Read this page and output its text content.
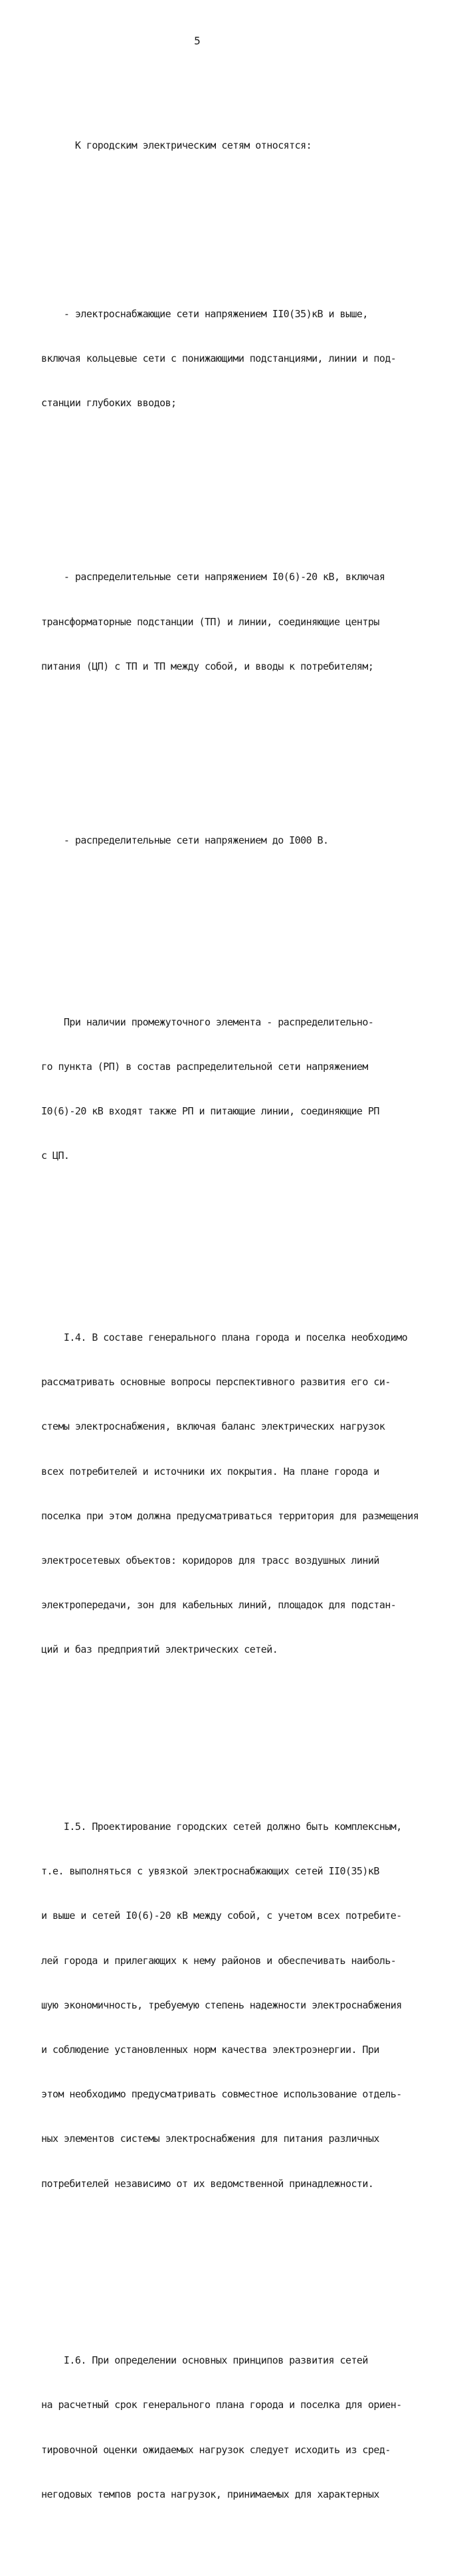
5

К городским электрическим сетям относятся:

- электроснабжающие сети напряжением II0(35)кВ и выше,

включая кольцевые сети с понижающими подстанциями, линии и под-

станции глубоких вводов;

- распределительные сети напряжением I0(6)-20 кВ, включая

трансформаторные подстанции (ТП) и линии, соединяющие центры

питания (ЦП) с ТП и ТП между собой, и вводы к потребителям;

- распределительные сети напряжением до I000 В.

При наличии промежуточного элемента - распределительно-

го пункта (РП) в состав распределительной сети напряжением

I0(6)-20 кВ входят также РП и питающие линии, соединяющие РП

с ЦП.

I.4. В составе генерального плана города и поселка необходимо

рассматривать основные вопросы перспективного развития его си-

стемы электроснабжения, включая баланс электрических нагрузок

всех потребителей и источники их покрытия. На плане города и

поселка при этом должна предусматриваться территория для размещения

электросетевых объектов: коридоров для трасс воздушных линий

электропередачи, зон для кабельных линий, площадок для подстан-

ций и баз предприятий электрических сетей.

I.5. Проектирование городских сетей должно быть комплексным,

т.е. выполняться с увязкой электроснабжающих сетей II0(35)кВ

и выше и сетей I0(6)-20 кВ между собой, с учетом всех потребите-

лей города и прилегающих к нему районов и обеспечивать наиболь-

шую экономичность, требуемую степень надежности электроснабжения

и соблюдение установленных норм качества электроэнергии. При

этом необходимо предусматривать совместное использование отдель-

ных элементов системы электроснабжения для питания различных

потребителей независимо от их ведомственной принадлежности.

I.6. При определении основных принципов развития сетей

на расчетный срок генерального плана города и поселка для ориен-

тировочной оценки ожидаемых нагрузок следует исходить из сред-

негодовых темпов роста нагрузок, принимаемых для характерных
